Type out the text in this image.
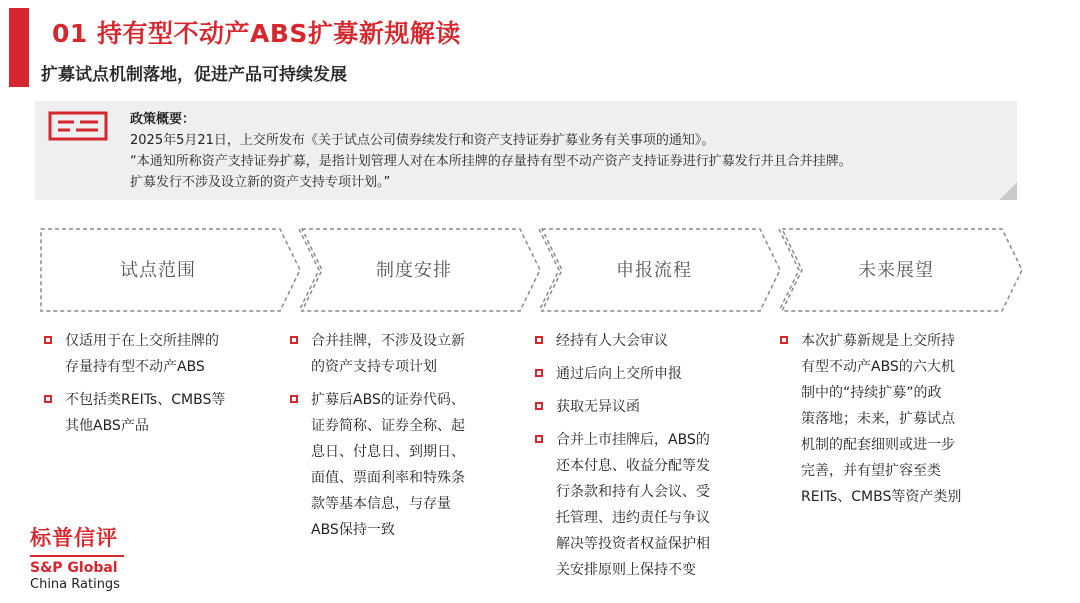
01 持有型不动产ABS扩募新规解读
扩募试点机制落地，促进产品可持续发展
政策概要：
2025年5月21日，上交所发布《关于试点公司债券续发行和资产支持证券扩募业务有关事项的通知》。
“本通知所称资产支持证券扩募，是指计划管理人对在本所挂牌的存量持有型不动产资产支持证券进行扩募发行并且合并挂牌。
扩募发行不涉及设立新的资产支持专项计划。”
试点范围	制度安排	申报流程	未来展望
仅适用于在上交所挂牌的
存量持有型不动产ABS
不包括类REITs、CMBS等
其他ABS产品
合并挂牌，不涉及设立新
的资产支持专项计划
扩募后ABS的证券代码、
证券简称、证券全称、起
息日、付息日、到期日、
面值、票面利率和特殊条
款等基本信息，与存量
ABS保持一致
经持有人大会审议
通过后向上交所申报
获取无异议函
合并上市挂牌后，ABS的
还本付息、收益分配等发
行条款和持有人会议、受
托管理、违约责任与争议
解决等投资者权益保护相
关安排原则上保持不变
本次扩募新规是上交所持
有型不动产ABS的六大机
制中的“持续扩募”的政
策落地；未来，扩募试点
机制的配套细则或进一步
完善，并有望扩容至类
REITs、CMBS等资产类别
标普信评
S&P Global
China Ratings
